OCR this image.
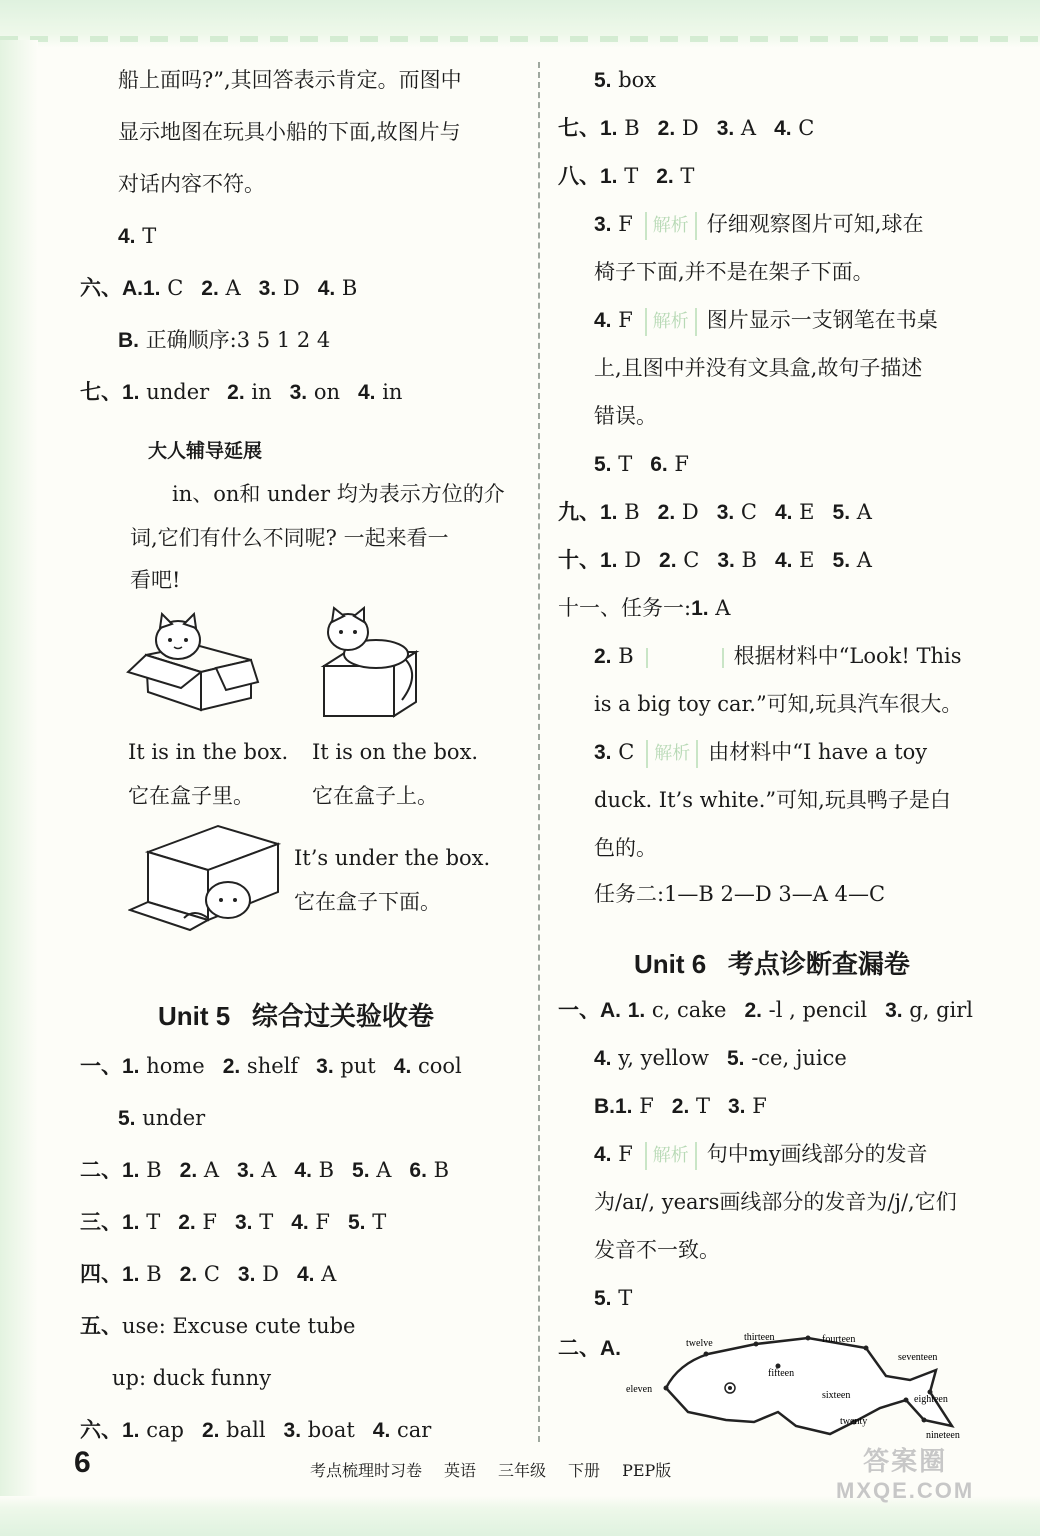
船上面吗?”,其回答表示肯定。而图中
显示地图在玩具小船的下面,故图片与
对话内容不符。
4. T
六、A.1. C 2. A 3. D 4. B
B. 正确顺序:3 5 1 2 4
七、1. under 2. in 3. on 4. in
大人辅导延展
in、on和 under 均为表示方位的介
词,它们有什么不同呢? 一起来看一
看吧!
It is in the box.
它在盒子里。
It is on the box.
它在盒子上。
It’s under the box.
它在盒子下面。
Unit 5 综合过关验收卷
一、1. home 2. shelf 3. put 4. cool
5. under
二、1. B 2. A 3. A 4. B 5. A 6. B
三、1. T 2. F 3. T 4. F 5. T
四、1. B 2. C 3. D 4. A
五、use: Excuse cute tube
up: duck funny
六、1. cap 2. ball 3. boat 4. car
5. box
七、1. B 2. D 3. A 4. C
八、1. T 2. T
3. F 解析 仔细观察图片可知,球在
椅子下面,并不是在架子下面。
4. F 解析 图片显示一支钢笔在书桌
上,且图中并没有文具盒,故句子描述
错误。
5. T 6. F
九、1. B 2. D 3. C 4. E 5. A
十、1. D 2. C 3. B 4. E 5. A
十一、任务一:1. A
2. B	根据材料中“Look! This
is a big toy car.”可知,玩具汽车很大。
3. C 解析 由材料中“I have a toy
duck. It’s white.”可知,玩具鸭子是白
色的。
任务二:1—B 2—D 3—A 4—C
Unit 6 考点诊断查漏卷
一、A. 1. c, cake 2. -l , pencil 3. g, girl
4. y, yellow 5. -ce, juice
B.1. F 2. T 3. F
4. F 解析 句中my画线部分的发音
为/aɪ/, years画线部分的发音为/j/,它们
发音不一致。
5. T
二、A.	twelve
thirteen	fourteen
fifteen
seventeen
eleven
sixteen	eighteen
twenty
nineteen
6	考点梳理时习卷 英语 三年级 下册 PEP版	答案圈
MXQE.COM
